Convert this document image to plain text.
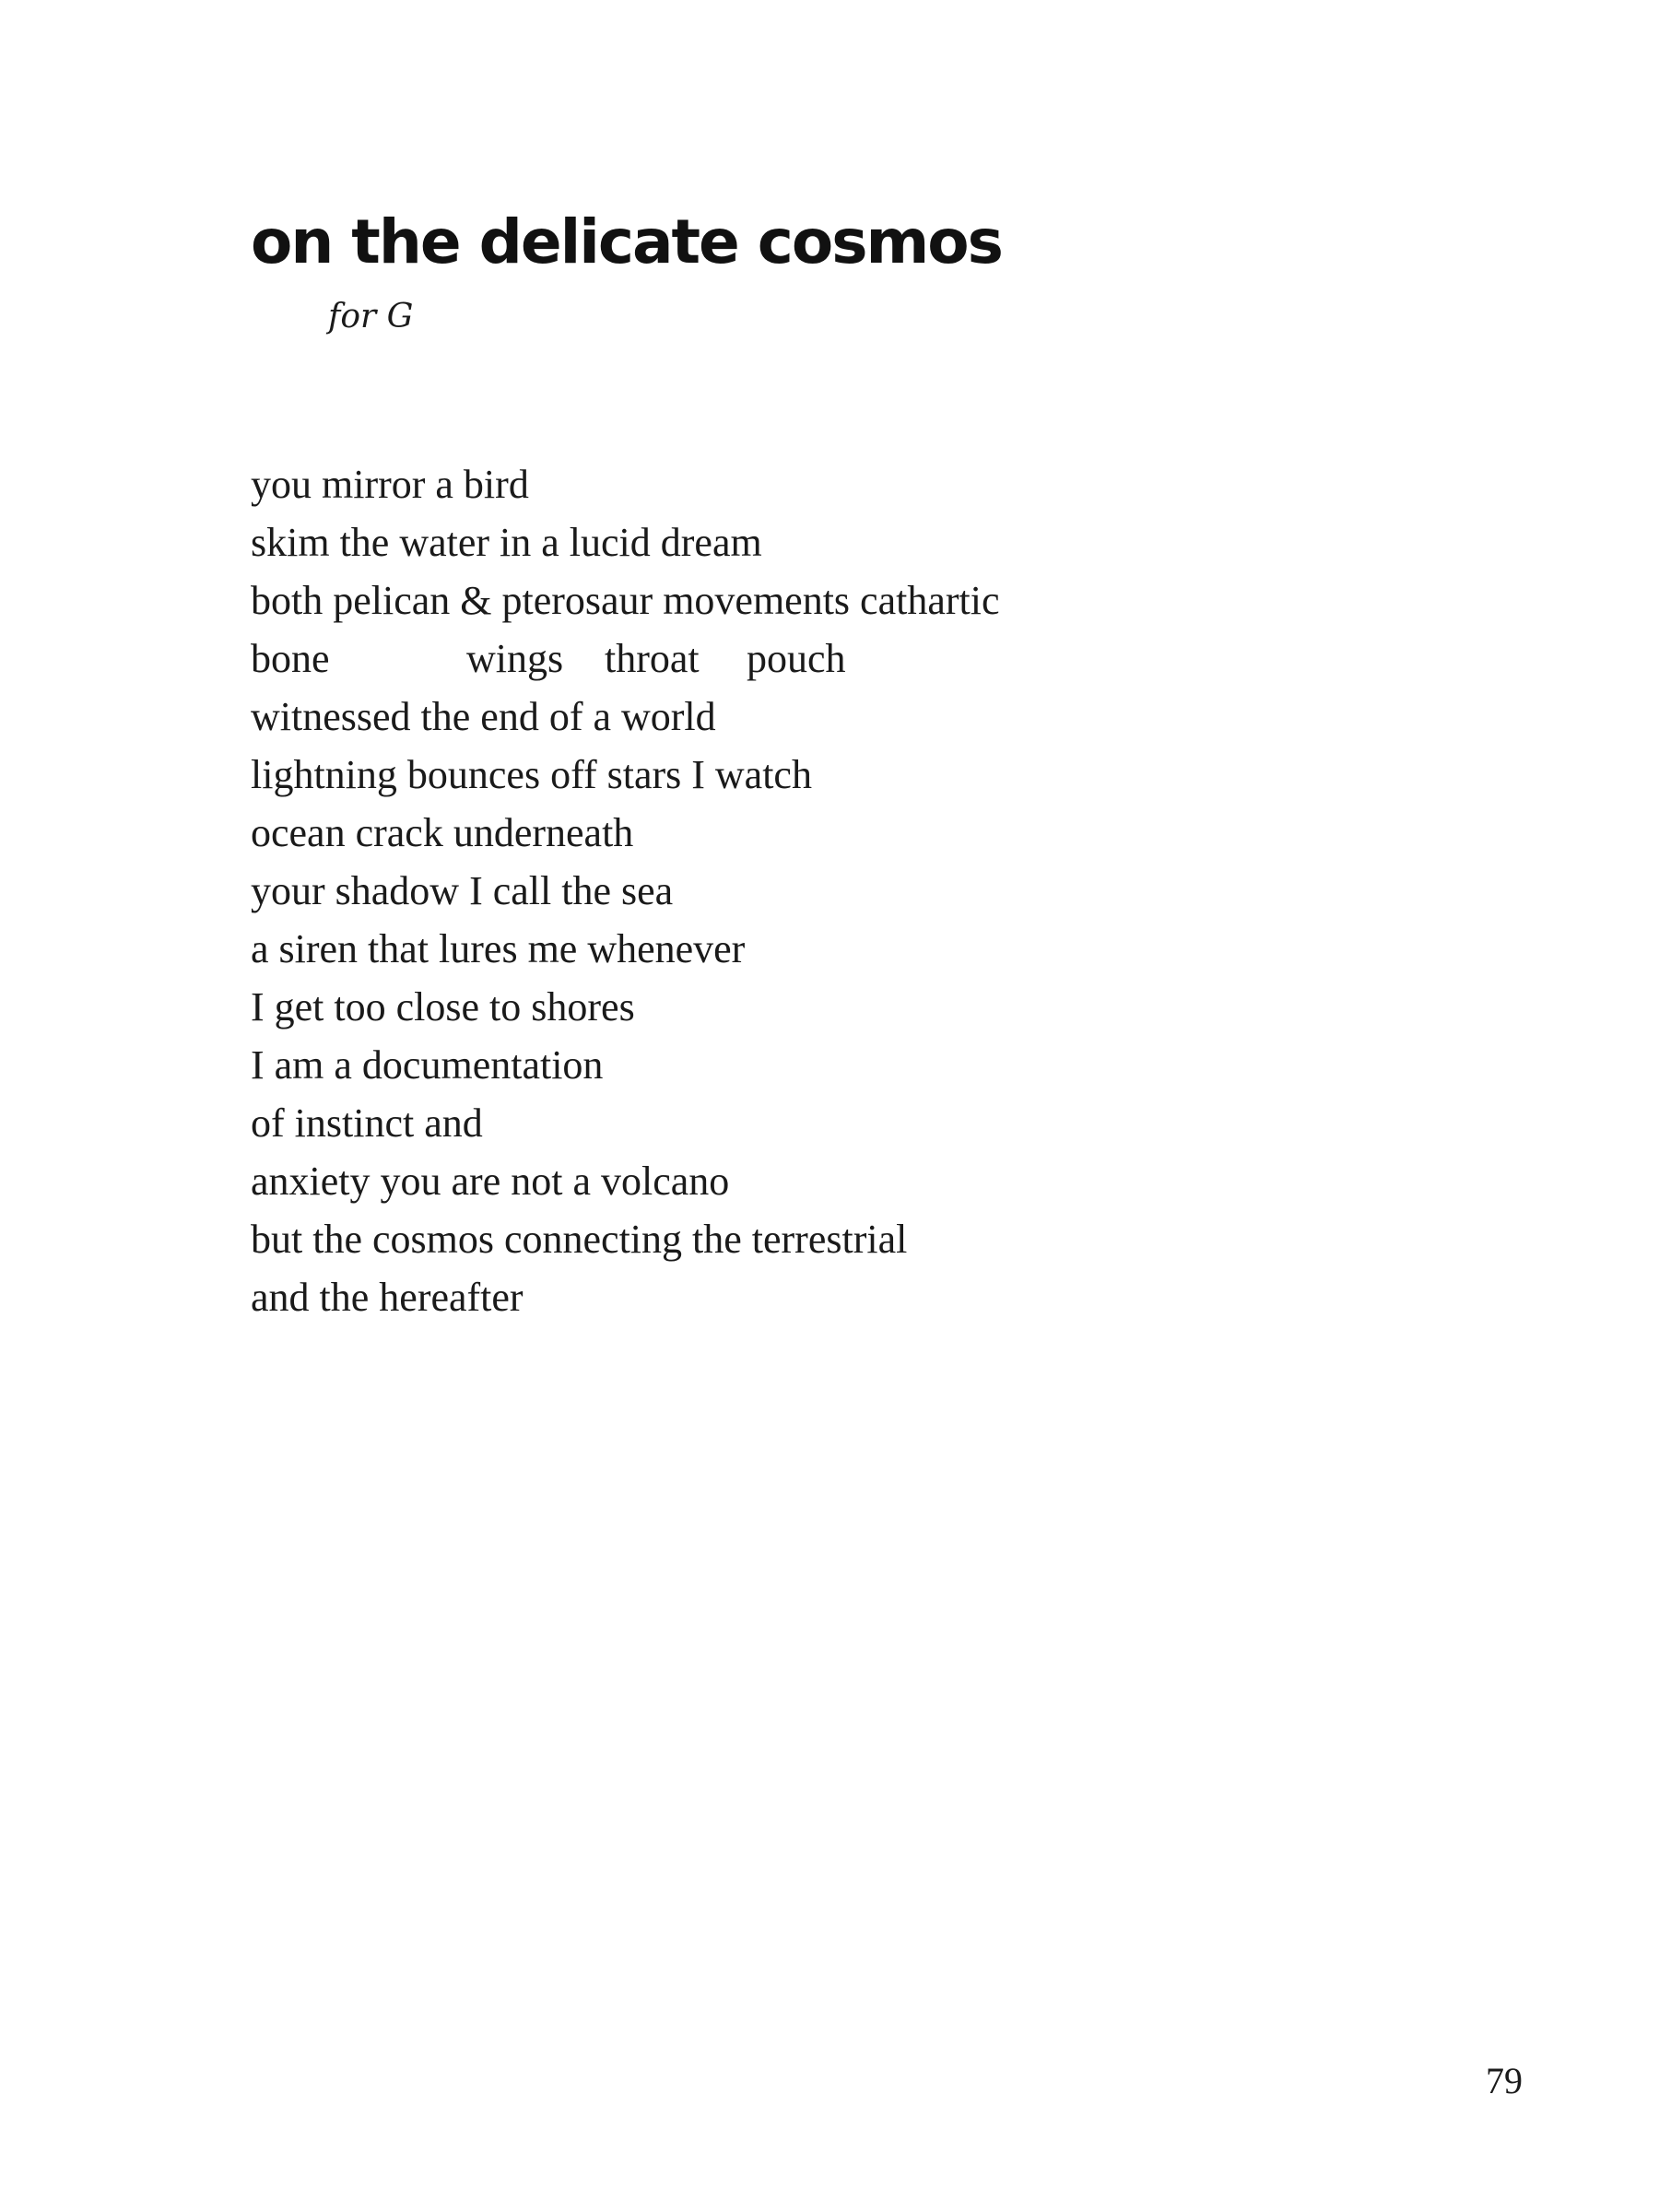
on the delicate cosmos

for G

you mirror a bird
skim the water in a lucid dream
both pelican & pterosaur movements cathartic
bone	wings throat pouch
witnessed the end of a world
lightning bounces off stars I watch
ocean crack underneath
your shadow I call the sea
a siren that lures me whenever
I get too close to shores
I am a documentation
of instinct and
anxiety you are not a volcano
but the cosmos connecting the terrestrial
and the hereafter

79
